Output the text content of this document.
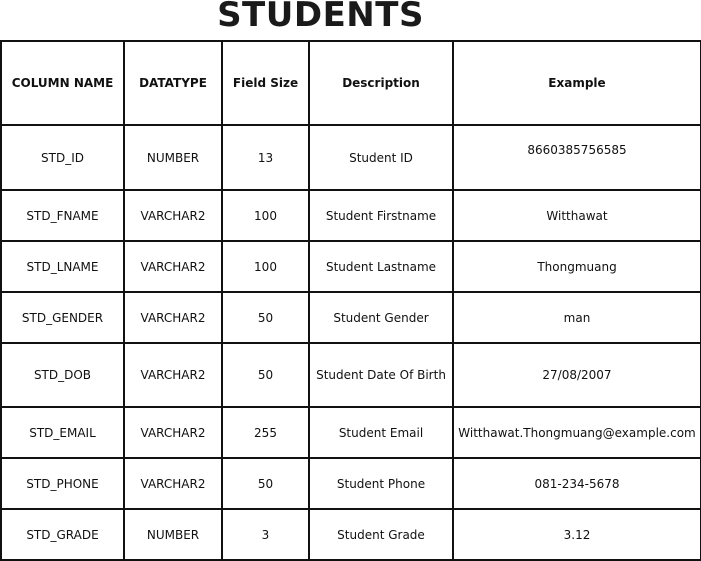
STUDENTS
COLUMN NAME	DATATYPE	Field Size	Description	Example
STD_ID	NUMBER	13	Student ID	8660385756585
STD_FNAME	VARCHAR2	100	Student Firstname	Witthawat
STD_LNAME	VARCHAR2	100	Student Lastname	Thongmuang
STD_GENDER	VARCHAR2	50	Student Gender	man
STD_DOB	VARCHAR2	50	Student Date Of Birth	27/08/2007
STD_EMAIL	VARCHAR2	255	Student Email	Witthawat.Thongmuang@example.com
STD_PHONE	VARCHAR2	50	Student Phone	081-234-5678
STD_GRADE	NUMBER	3	Student Grade	3.12
